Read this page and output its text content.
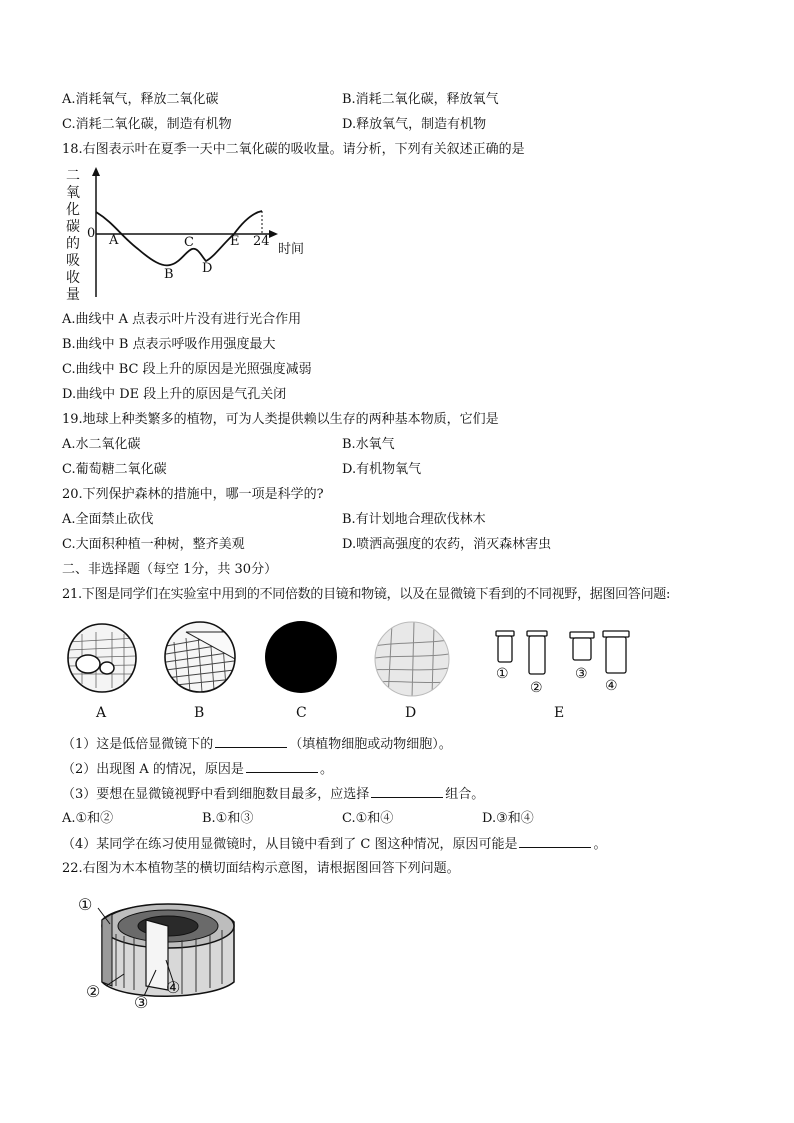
A.消耗氧气，释放二氧化碳	B.消耗二氧化碳，释放氧气
C.消耗二氧化碳，制造有机物	D.释放氧气，制造有机物
18.右图表示叶在夏季一天中二氧化碳的吸收量。请分析，下列有关叙述正确的是
二
氧
化
碳
的
吸
收
量
0 A
B
C
D
E 24
时间
A.曲线中 A 点表示叶片没有进行光合作用
B.曲线中 B 点表示呼吸作用强度最大
C.曲线中 BC 段上升的原因是光照强度减弱
D.曲线中 DE 段上升的原因是气孔关闭
19.地球上种类繁多的植物，可为人类提供赖以生存的两种基本物质，它们是
A.水二氧化碳	B.水氧气
C.葡萄糖二氧化碳	D.有机物氧气
20.下列保护森林的措施中，哪一项是科学的?
A.全面禁止砍伐	B.有计划地合理砍伐林木
C.大面积种植一种树，整齐美观	D.喷洒高强度的农药，消灭森林害虫
二、非选择题（每空 1分，共 30分）
21.下图是同学们在实验室中用到的不同倍数的目镜和物镜，以及在显微镜下看到的不同视野，据图回答问题:
①
②
③
④
A	B	C	D	E
（1）这是低倍显微镜下的	（填植物细胞或动物细胞）。
（2）出现图 A 的情况，原因是	。
（3）要想在显微镜视野中看到细胞数目最多，应选择	组合。
A.①和②	B.①和③	C.①和④	D.③和④
（4）某同学在练习使用显微镜时，从目镜中看到了 C 图这种情况，原因可能是	。
22.右图为木本植物茎的横切面结构示意图，请根据图回答下列问题。
①
②
③
④
